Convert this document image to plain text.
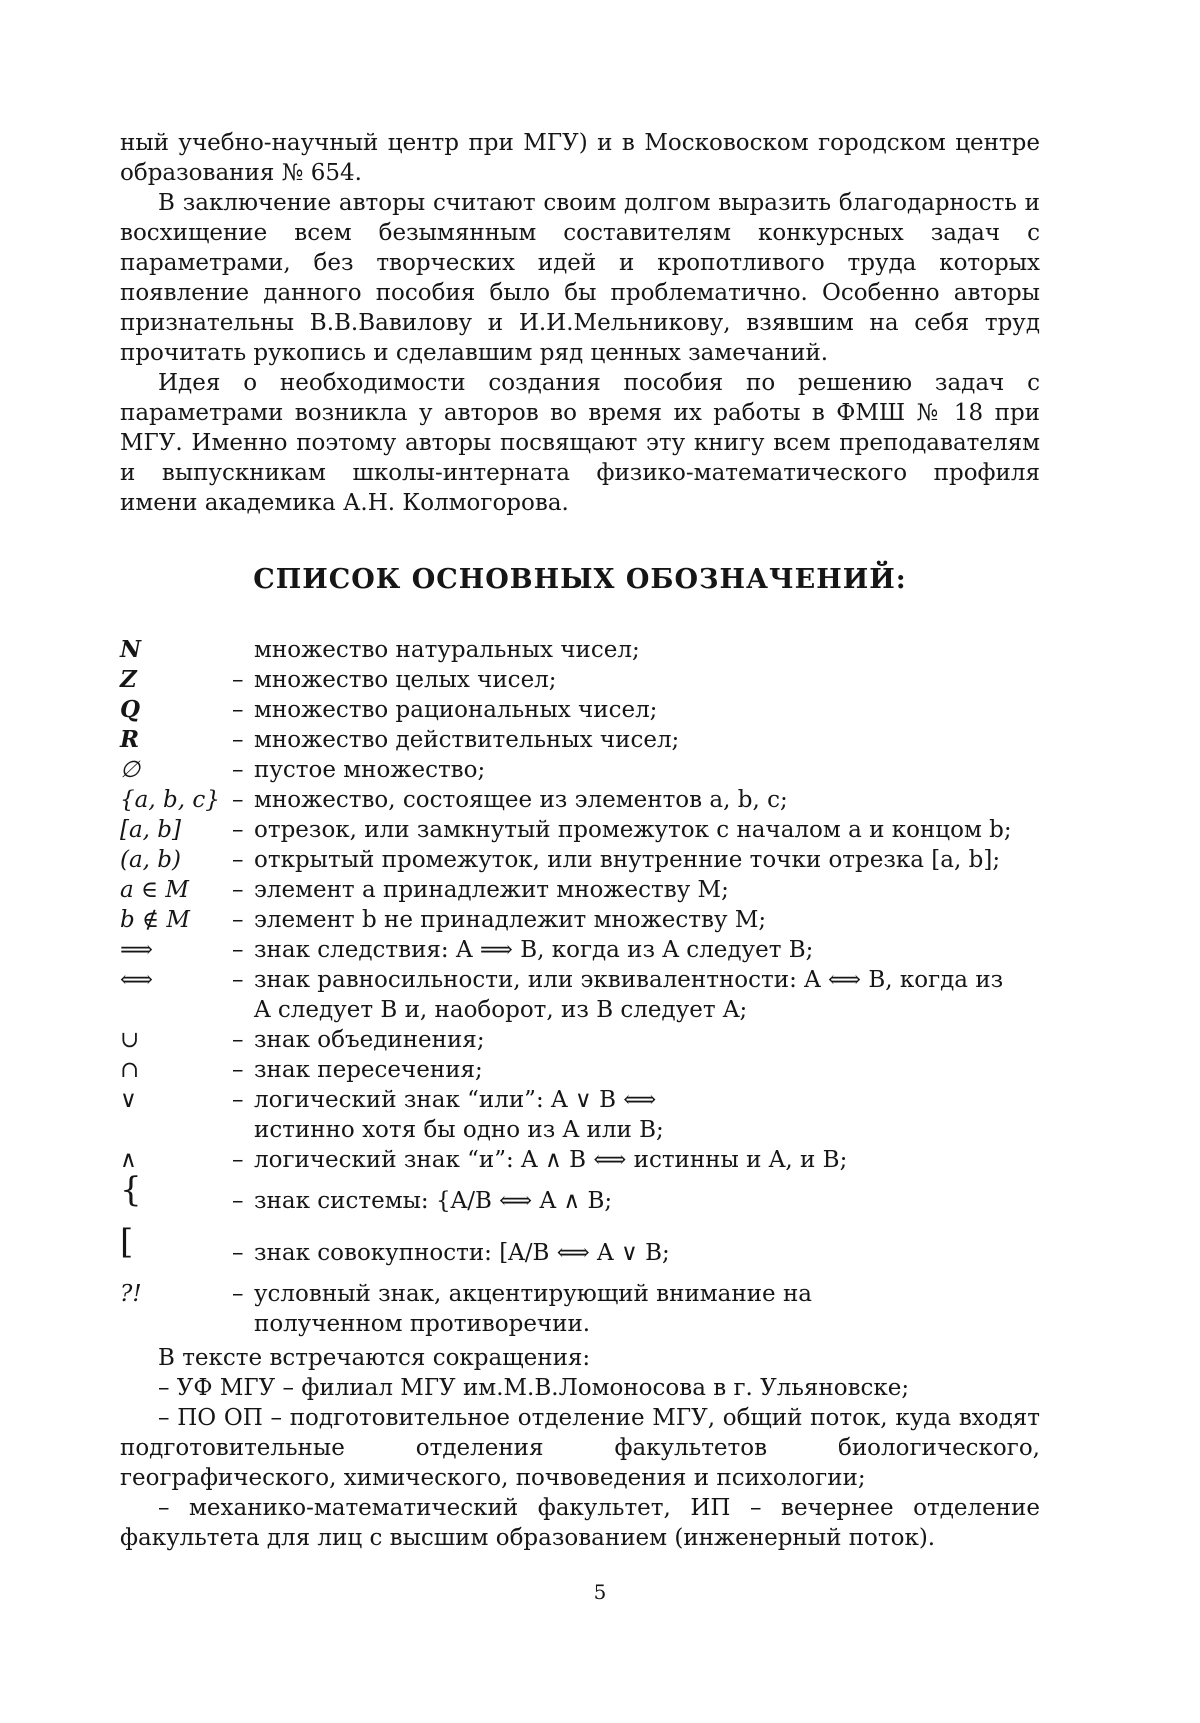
ный учебно-научный центр при МГУ) и в Московоском городском центре образования № 654.

В заключение авторы считают своим долгом выразить благодарность и восхищение всем безымянным составителям конкурсных задач с параметрами, без творческих идей и кропотливого труда которых появление данного пособия было бы проблематично. Особенно авторы признательны В.В.Вавилову и И.И.Мельникову, взявшим на себя труд прочитать рукопись и сделавшим ряд ценных замечаний.

Идея о необходимости создания пособия по решению задач с параметрами возникла у авторов во время их работы в ФМШ № 18 при МГУ. Именно поэтому авторы посвящают эту книгу всем преподавателям и выпускникам школы-интерната физико-математического профиля имени академика А.Н. Колмогорова.

СПИСОК ОСНОВНЫХ ОБОЗНАЧЕНИЙ:
N	множество натуральных чисел;
Z	– множество целых чисел;
Q	– множество рациональных чисел;
R	– множество действительных чисел;
∅	– пустое множество;
{a, b, c} – множество, состоящее из элементов a, b, c;
[a, b]	– отрезок, или замкнутый промежуток с началом a и концом b;
(a, b)	– открытый промежуток, или внутренние точки отрезка [a, b];
a ∈ M	– элемент a принадлежит множеству M;
b ∉ M	– элемент b не принадлежит множеству M;
⟹	– знак следствия: A ⟹ B, когда из A следует B;
⟺	– знак равносильности, или эквивалентности: A ⟺ B, когда из
A следует B и, наоборот, из B следует A;
∪	– знак объединения;
∩	– знак пересечения;
∨	– логический знак “или”: A ∨ B ⟺
истинно хотя бы одно из A или B;
∧	– логический знак “и”: A ∧ B ⟺ истинны и A, и B;
{	– знак системы: {A/B ⟺ A ∧ B;
[	– знак совокупности: [A/B ⟺ A ∨ B;
?!	– условный знак, акцентирующий внимание на
полученном противоречии.

В тексте встречаются сокращения:

– УФ МГУ – филиал МГУ им.М.В.Ломоносова в г. Ульяновске;

– ПО ОП – подготовительное отделение МГУ, общий поток, куда входят подготовительные отделения факультетов биологического, географического, химического, почвоведения и психологии;

– механико-математический факультет, ИП – вечернее отделение факультета для лиц с высшим образованием (инженерный поток).

5
